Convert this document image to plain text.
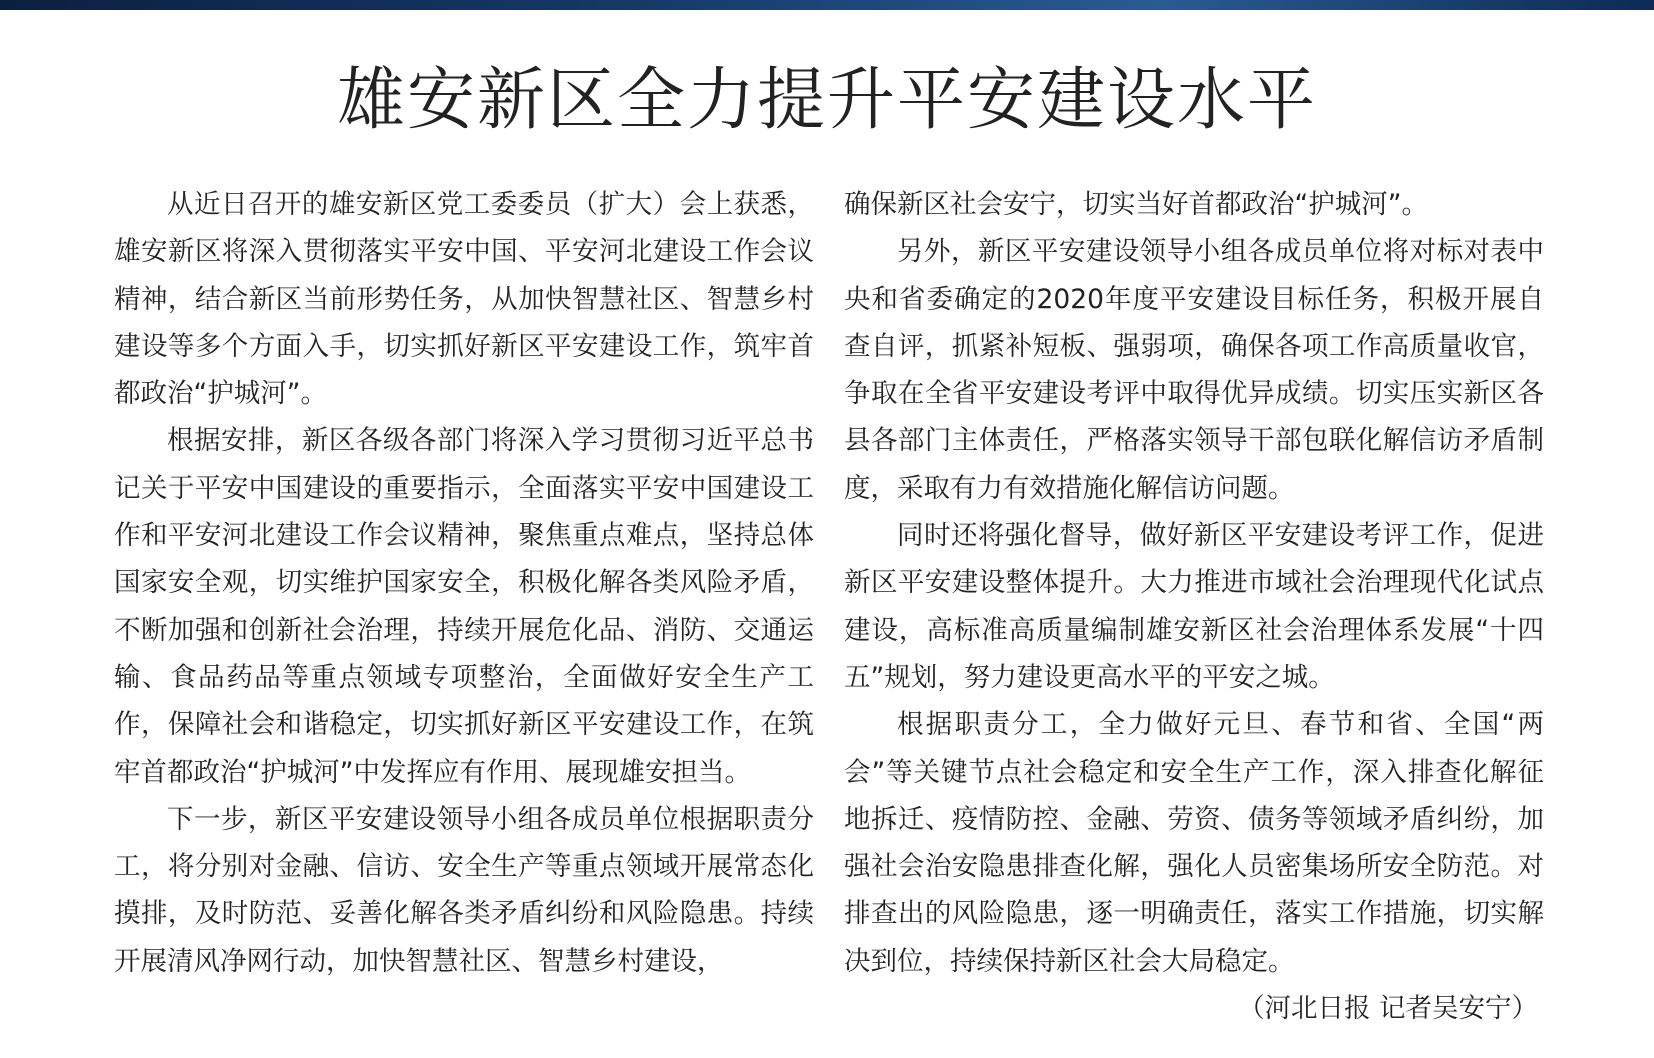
雄安新区全力提升平安建设水平

从近日召开的雄安新区党工委委员（扩大）会上获悉，雄安新区将深入贯彻落实平安中国、平安河北建设工作会议精神，结合新区当前形势任务，从加快智慧社区、智慧乡村建设等多个方面入手，切实抓好新区平安建设工作，筑牢首都政治“护城河”。

根据安排，新区各级各部门将深入学习贯彻习近平总书记关于平安中国建设的重要指示，全面落实平安中国建设工作和平安河北建设工作会议精神，聚焦重点难点，坚持总体国家安全观，切实维护国家安全，积极化解各类风险矛盾，不断加强和创新社会治理，持续开展危化品、消防、交通运输、食品药品等重点领域专项整治，全面做好安全生产工作，保障社会和谐稳定，切实抓好新区平安建设工作，在筑牢首都政治“护城河”中发挥应有作用、展现雄安担当。

下一步，新区平安建设领导小组各成员单位根据职责分工，将分别对金融、信访、安全生产等重点领域开展常态化摸排，及时防范、妥善化解各类矛盾纠纷和风险隐患。持续开展清风净网行动，加快智慧社区、智慧乡村建设，

确保新区社会安宁，切实当好首都政治“护城河”。

另外，新区平安建设领导小组各成员单位将对标对表中央和省委确定的2020年度平安建设目标任务，积极开展自查自评，抓紧补短板、强弱项，确保各项工作高质量收官，争取在全省平安建设考评中取得优异成绩。切实压实新区各县各部门主体责任，严格落实领导干部包联化解信访矛盾制度，采取有力有效措施化解信访问题。

同时还将强化督导，做好新区平安建设考评工作，促进新区平安建设整体提升。大力推进市域社会治理现代化试点建设，高标准高质量编制雄安新区社会治理体系发展“十四五”规划，努力建设更高水平的平安之城。

根据职责分工，全力做好元旦、春节和省、全国“两会”等关键节点社会稳定和安全生产工作，深入排查化解征地拆迁、疫情防控、金融、劳资、债务等领域矛盾纠纷，加强社会治安隐患排查化解，强化人员密集场所安全防范。对排查出的风险隐患，逐一明确责任，落实工作措施，切实解决到位，持续保持新区社会大局稳定。

（河北日报 记者吴安宁）
